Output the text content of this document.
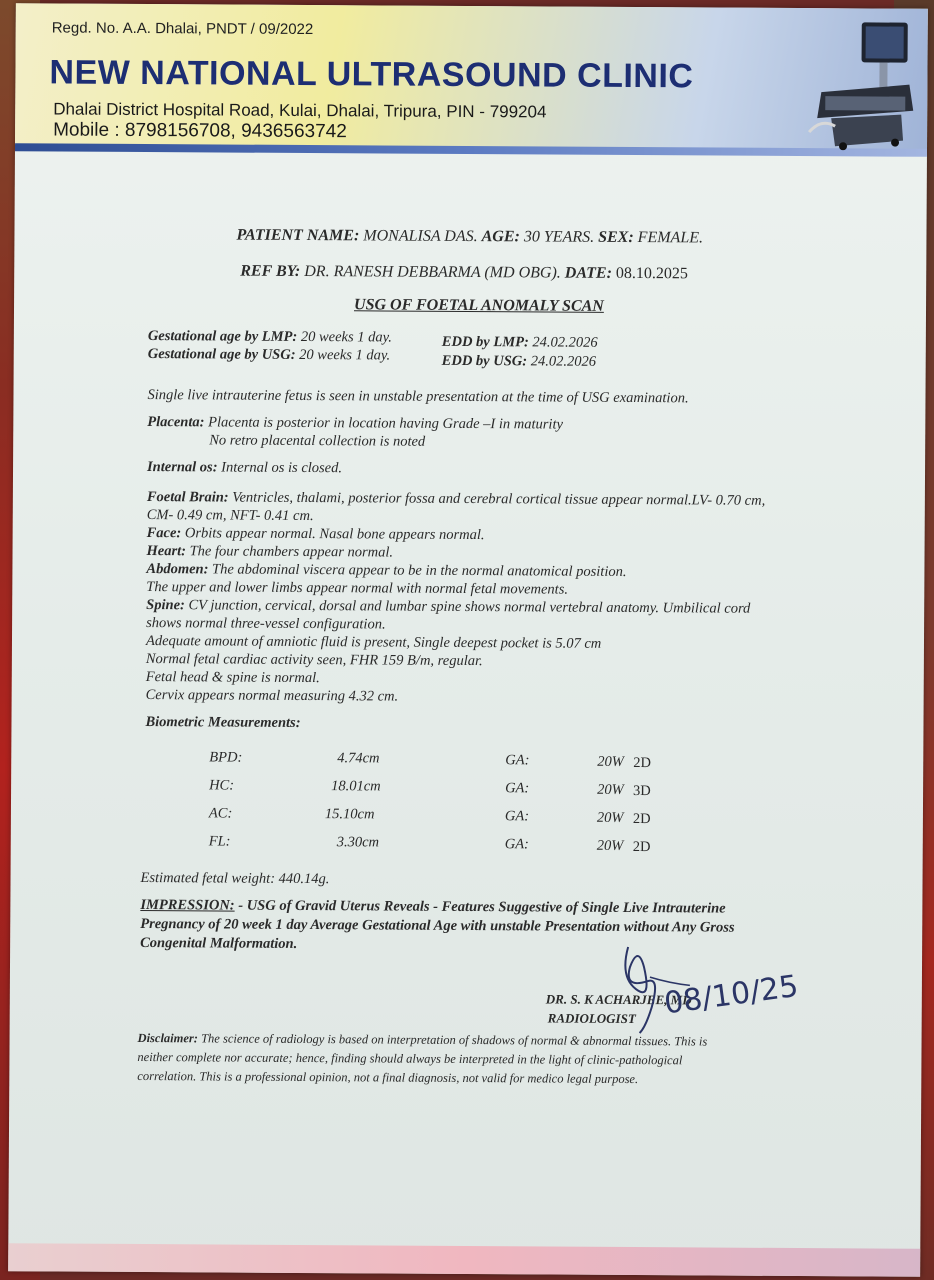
Regd. No. A.A. Dhalai, PNDT / 09/2022
NEW NATIONAL ULTRASOUND CLINIC
Dhalai District Hospital Road, Kulai, Dhalai, Tripura, PIN - 799204
Mobile : 8798156708, 9436563742
PATIENT NAME: MONALISA DAS. AGE: 30 YEARS. SEX: FEMALE.
REF BY: DR. RANESH DEBBARMA (MD OBG). DATE: 08.10.2025
USG OF FOETAL ANOMALY SCAN
Gestational age by LMP: 20 weeks 1 day.
Gestational age by USG: 20 weeks 1 day.
EDD by LMP: 24.02.2026
EDD by USG: 24.02.2026
Single live intrauterine fetus is seen in unstable presentation at the time of USG examination.
Placenta: Placenta is posterior in location having Grade –I in maturity
No retro placental collection is noted
Internal os: Internal os is closed.
Foetal Brain: Ventricles, thalami, posterior fossa and cerebral cortical tissue appear normal.LV- 0.70 cm,
CM- 0.49 cm, NFT- 0.41 cm.
Face: Orbits appear normal. Nasal bone appears normal.
Heart: The four chambers appear normal.
Abdomen: The abdominal viscera appear to be in the normal anatomical position.
The upper and lower limbs appear normal with normal fetal movements.
Spine: CV junction, cervical, dorsal and lumbar spine shows normal vertebral anatomy. Umbilical cord
shows normal three-vessel configuration.
Adequate amount of amniotic fluid is present, Single deepest pocket is 5.07 cm
Normal fetal cardiac activity seen, FHR 159 B/m, regular.
Fetal head & spine is normal.
Cervix appears normal measuring 4.32 cm.
Biometric Measurements:
BPD:	4.74cm	GA:	20W 2D
HC:	18.01cm	GA:	20W 3D
AC:	15.10cm	GA:	20W 2D
FL:	3.30cm	GA:	20W 2D
Estimated fetal weight: 440.14g.
IMPRESSION: - USG of Gravid Uterus Reveals - Features Suggestive of Single Live Intrauterine
Pregnancy of 20 week 1 day Average Gestational Age with unstable Presentation without Any Gross
Congenital Malformation.
DR. S. K ACHARJEE, MD
RADIOLOGIST 08/10/25
Disclaimer: The science of radiology is based on interpretation of shadows of normal & abnormal tissues. This is
neither complete nor accurate; hence, finding should always be interpreted in the light of clinic-pathological
correlation. This is a professional opinion, not a final diagnosis, not valid for medico legal purpose.
